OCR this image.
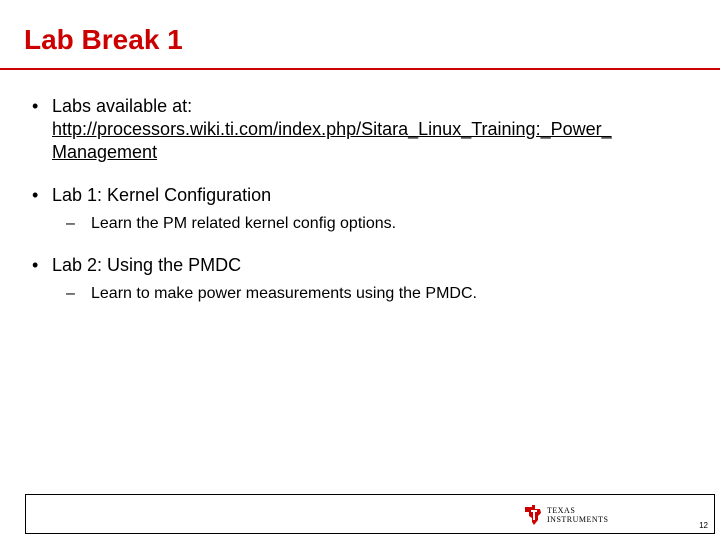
Lab Break 1
• Labs available at:
http://processors.wiki.ti.com/index.php/Sitara_Linux_Training:_Power_
Management
• Lab 1: Kernel Configuration
– Learn the PM related kernel config options.
• Lab 2: Using the PMDC
– Learn to make power measurements using the PMDC.
TEXAS
INSTRUMENTS
12
